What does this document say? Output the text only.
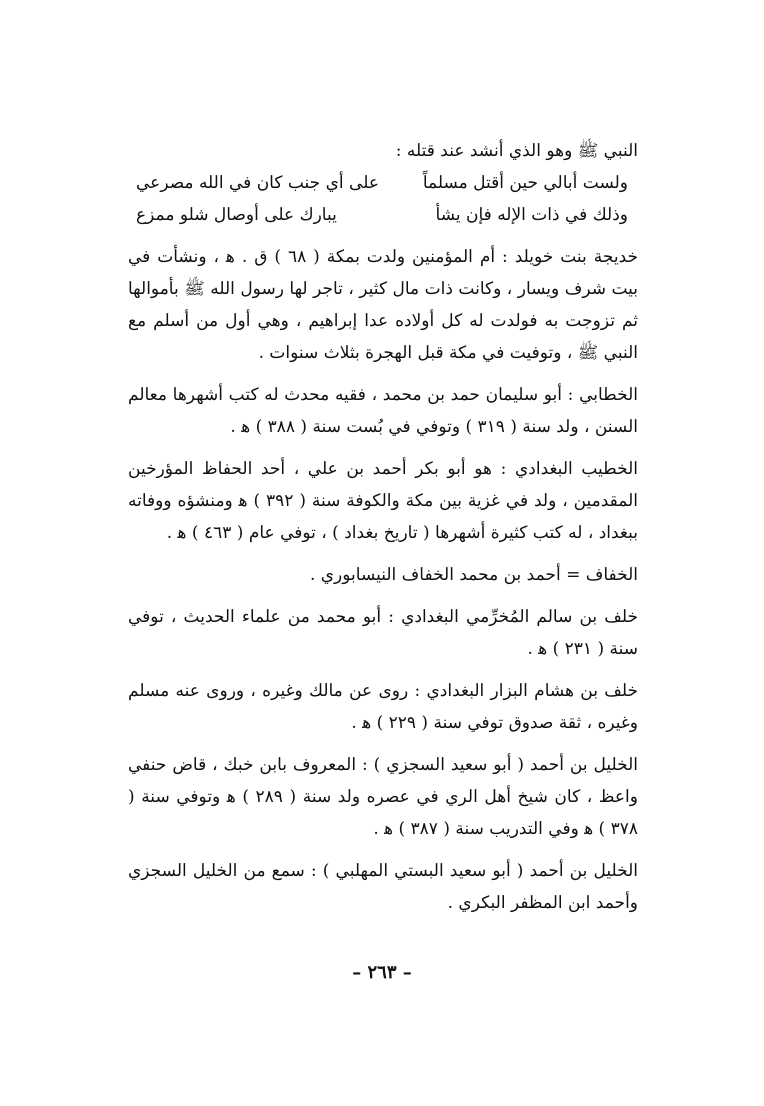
النبي ﷺ وهو الذي أنشد عند قتله :

ولست أبالي حين أقتل مسلماً
على أي جنب كان في الله مصرعي
وذلك في ذات الإله فإن يشأ
يبارك على أوصال شلو ممزع

خديجة بنت خويلد : أم المؤمنين ولدت بمكة ( ٦٨ ) ق . ﻫ ، ونشأت في بيت شرف ويسار ، وكانت ذات مال كثير ، تاجر لها رسول الله ﷺ بأموالها ثم تزوجت به فولدت له كل أولاده عدا إبراهيم ، وهي أول من أسلم مع النبي ﷺ ، وتوفيت في مكة قبل الهجرة بثلاث سنوات .

الخطابي : أبو سليمان حمد بن محمد ، فقيه محدث له كتب أشهرها معالم السنن ، ولد سنة ( ٣١٩ ) وتوفي في بُست سنة ( ٣٨٨ ) ﻫ .

الخطيب البغدادي : هو أبو بكر أحمد بن علي ، أحد الحفاظ المؤرخين المقدمين ، ولد في غزية بين مكة والكوفة سنة ( ٣٩٢ ) ﻫ ومنشؤه ووفاته ببغداد ، له كتب كثيرة أشهرها ( تاريخ بغداد ) ، توفي عام ( ٤٦٣ ) ﻫ .

الخفاف = أحمد بن محمد الخفاف النيسابوري .

خلف بن سالم المُخرِّمي البغدادي : أبو محمد من علماء الحديث ، توفي سنة ( ٢٣١ ) ﻫ .

خلف بن هشام البزار البغدادي : روى عن مالك وغيره ، وروى عنه مسلم وغيره ، ثقة صدوق توفي سنة ( ٢٢٩ ) ﻫ .

الخليل بن أحمد ( أبو سعيد السجزي ) : المعروف بابن خبك ، قاض حنفي واعظ ، كان شيخ أهل الري في عصره ولد سنة ( ٢٨٩ ) ﻫ وتوفي سنة ( ٣٧٨ ) ﻫ وفي التدريب سنة ( ٣٨٧ ) ﻫ .

الخليل بن أحمد ( أبو سعيد البستي المهلبي ) : سمع من الخليل السجزي وأحمد ابن المظفر البكري .

– ٢٦٣ –
